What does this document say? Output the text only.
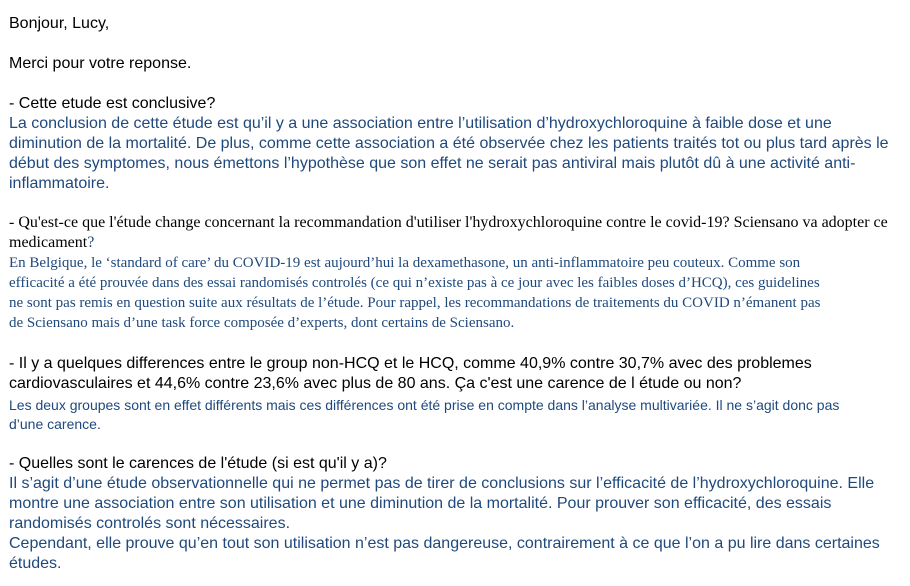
Bonjour, Lucy,
Merci pour votre reponse.
- Cette etude est conclusive?
La conclusion de cette étude est qu’il y a une association entre l’utilisation d’hydroxychloroquine à faible dose et une
diminution de la mortalité. De plus, comme cette association a été observée chez les patients traités tot ou plus tard après le
début des symptomes, nous émettons l’hypothèse que son effet ne serait pas antiviral mais plutôt dû à une activité anti-
inflammatoire.
- Qu'est-ce que l'étude change concernant la recommandation d'utiliser l'hydroxychloroquine contre le covid-19? Sciensano va adopter ce
medicament?
En Belgique, le ‘standard of care’ du COVID-19 est aujourd’hui la dexamethasone, un anti-inflammatoire peu couteux. Comme son
efficacité a été prouvée dans des essai randomisés controlés (ce qui n’existe pas à ce jour avec les faibles doses d’HCQ), ces guidelines
ne sont pas remis en question suite aux résultats de l’étude. Pour rappel, les recommandations de traitements du COVID n’émanent pas
de Sciensano mais d’une task force composée d’experts, dont certains de Sciensano.
- Il y a quelques differences entre le group non-HCQ et le HCQ, comme 40,9% contre 30,7% avec des problemes
cardiovasculaires et 44,6% contre 23,6% avec plus de 80 ans. Ça c'est une carence de l étude ou non?
Les deux groupes sont en effet différents mais ces différences ont été prise en compte dans l’analyse multivariée. Il ne s’agit donc pas
d’une carence.
- Quelles sont le carences de l'étude (si est qu'il y a)?
Il s’agit d’une étude observationnelle qui ne permet pas de tirer de conclusions sur l’efficacité de l’hydroxychloroquine. Elle
montre une association entre son utilisation et une diminution de la mortalité. Pour prouver son efficacité, des essais
randomisés controlés sont nécessaires.
Cependant, elle prouve qu’en tout son utilisation n’est pas dangereuse, contrairement à ce que l’on a pu lire dans certaines
études.
